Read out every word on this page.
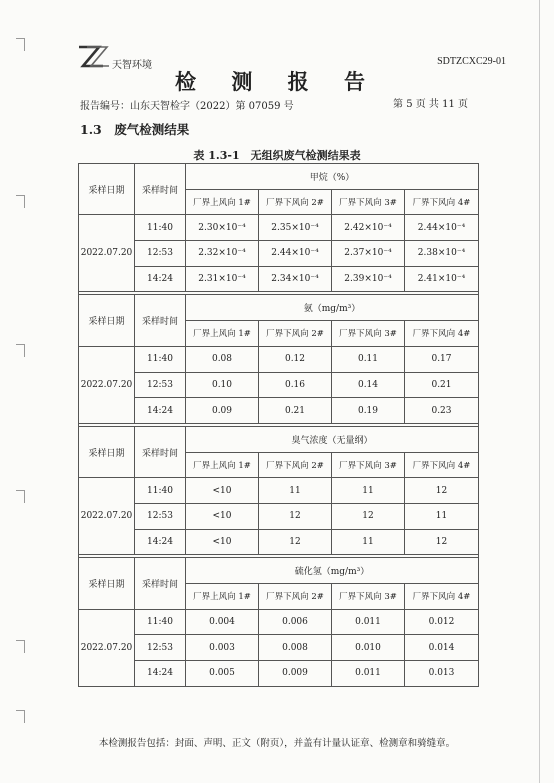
天智环境	SDTZCXC29-01
检 测 报 告
报告编号：山东天智检字（2022）第 07059 号	第 5 页 共 11 页
1.3　废气检测结果
表 1.3-1　无组织废气检测结果表
采样日期	采样时间	甲烷（%）			
		厂界上风向 1#	厂界下风向 2#	厂界下风向 3#	厂界下风向 4#
2022.07.20	11:40	2.30×10⁻⁴	2.35×10⁻⁴	2.42×10⁻⁴	2.44×10⁻⁴
	12:53	2.32×10⁻⁴	2.44×10⁻⁴	2.37×10⁻⁴	2.38×10⁻⁴
	14:24	2.31×10⁻⁴	2.34×10⁻⁴	2.39×10⁻⁴	2.41×10⁻⁴

采样日期	采样时间	氨（mg/m³）			
		厂界上风向 1#	厂界下风向 2#	厂界下风向 3#	厂界下风向 4#
2022.07.20	11:40	0.08	0.12	0.11	0.17
	12:53	0.10	0.16	0.14	0.21
	14:24	0.09	0.21	0.19	0.23

采样日期	采样时间	臭气浓度（无量纲）			
		厂界上风向 1#	厂界下风向 2#	厂界下风向 3#	厂界下风向 4#
2022.07.20	11:40	<10	11	11	12
	12:53	<10	12	12	11
	14:24	<10	12	11	12

采样日期	采样时间	硫化氢（mg/m³）			
		厂界上风向 1#	厂界下风向 2#	厂界下风向 3#	厂界下风向 4#
2022.07.20	11:40	0.004	0.006	0.011	0.012
	12:53	0.003	0.008	0.010	0.014
	14:24	0.005	0.009	0.011	0.013
本检测报告包括：封面、声明、正文（附页），并盖有计量认证章、检测章和骑缝章。
